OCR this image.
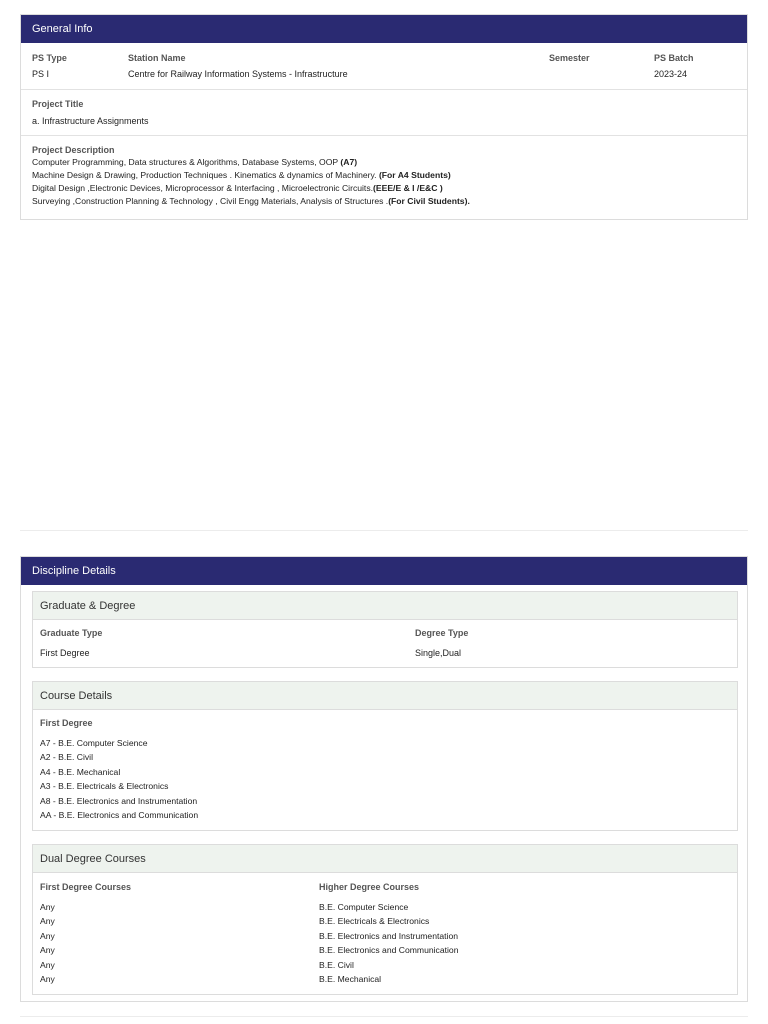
General Info
PS Type
PS I
Station Name
Centre for Railway Information Systems - Infrastructure
Semester	PS Batch
2023-24
Project Title
a. Infrastructure Assignments
Project Description
Computer Programming, Data structures & Algorithms, Database Systems, OOP (A7)
Machine Design & Drawing, Production Techniques . Kinematics & dynamics of Machinery. (For A4 Students)
Digital Design ,Electronic Devices, Microprocessor & Interfacing , Microelectronic Circuits.(EEE/E & I /E&C )
Surveying ,Construction Planning & Technology , Civil Engg Materials, Analysis of Structures .(For Civil Students).
Discipline Details
Graduate & Degree
Graduate Type
First Degree
Degree Type
Single,Dual
Course Details
First Degree
A7 - B.E. Computer Science
A2 - B.E. Civil
A4 - B.E. Mechanical
A3 - B.E. Electricals & Electronics
A8 - B.E. Electronics and Instrumentation
AA - B.E. Electronics and Communication
Dual Degree Courses
First Degree Courses	Higher Degree Courses
Any
Any
Any
Any
Any
Any
B.E. Computer Science
B.E. Electricals & Electronics
B.E. Electronics and Instrumentation
B.E. Electronics and Communication
B.E. Civil
B.E. Mechanical
